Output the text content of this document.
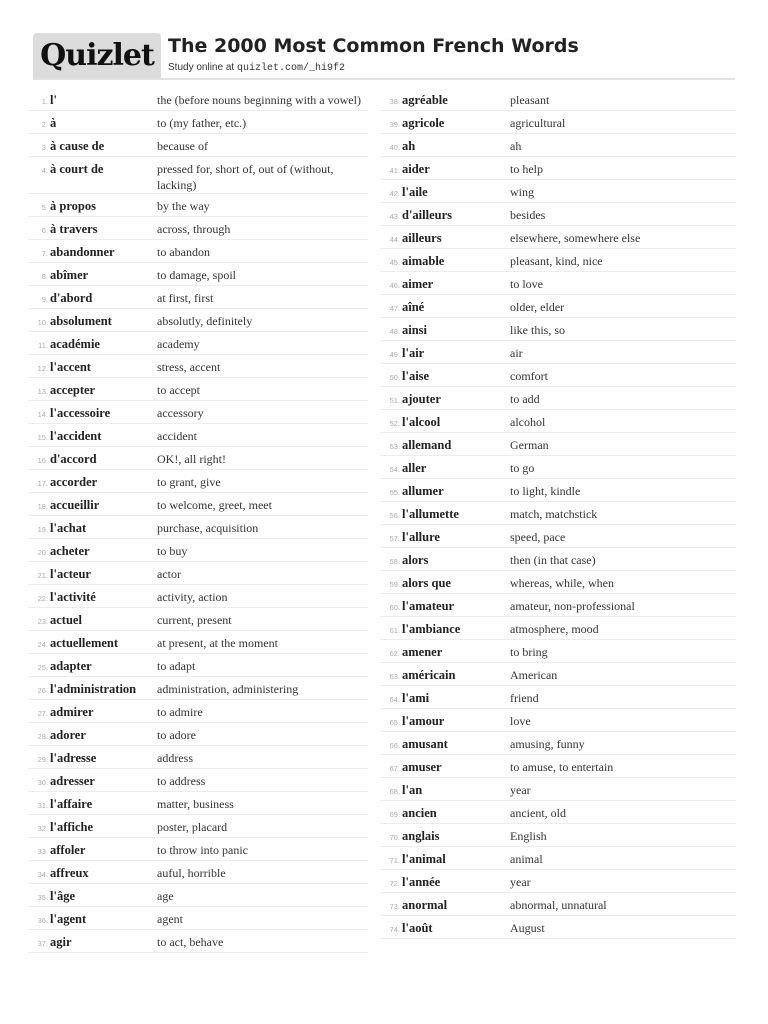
Quizlet The 2000 Most Common French Words
Study online at quizlet.com/_hi9f2
1. l'	the (before nouns beginning with a vowel)
2. à	to (my father, etc.)
3. à cause de	because of
4. à court de	pressed for, short of, out of (without, lacking)
5. à propos	by the way
6. à travers	across, through
7. abandonner	to abandon
8. abîmer	to damage, spoil
9. d'abord	at first, first
10. absolument	absolutly, definitely
11. académie	academy
12. l'accent	stress, accent
13. accepter	to accept
14. l'accessoire	accessory
15. l'accident	accident
16. d'accord	OK!, all right!
17. accorder	to grant, give
18. accueillir	to welcome, greet, meet
19. l'achat	purchase, acquisition
20. acheter	to buy
21. l'acteur	actor
22. l'activité	activity, action
23. actuel	current, present
24. actuellement	at present, at the moment
25. adapter	to adapt
26. l'administration	administration, administering
27. admirer	to admire
28. adorer	to adore
29. l'adresse	address
30. adresser	to address
31. l'affaire	matter, business
32. l'affiche	poster, placard
33. affoler	to throw into panic
34. affreux	auful, horrible
35. l'âge	age
36. l'agent	agent
37. agir	to act, behave
38. agréable	pleasant
39. agricole	agricultural
40. ah	ah
41. aider	to help
42. l'aile	wing
43. d'ailleurs	besides
44. ailleurs	elsewhere, somewhere else
45. aimable	pleasant, kind, nice
46. aimer	to love
47. aîné	older, elder
48. ainsi	like this, so
49. l'air	air
50. l'aise	comfort
51. ajouter	to add
52. l'alcool	alcohol
53. allemand	German
54. aller	to go
55. allumer	to light, kindle
56. l'allumette	match, matchstick
57. l'allure	speed, pace
58. alors	then (in that case)
59. alors que	whereas, while, when
60. l'amateur	amateur, non-professional
61. l'ambiance	atmosphere, mood
62. amener	to bring
63. américain	American
64. l'ami	friend
65. l'amour	love
66. amusant	amusing, funny
67. amuser	to amuse, to entertain
68. l'an	year
69. ancien	ancient, old
70. anglais	English
71. l'animal	animal
72. l'année	year
73. anormal	abnormal, unnatural
74. l'août	August
